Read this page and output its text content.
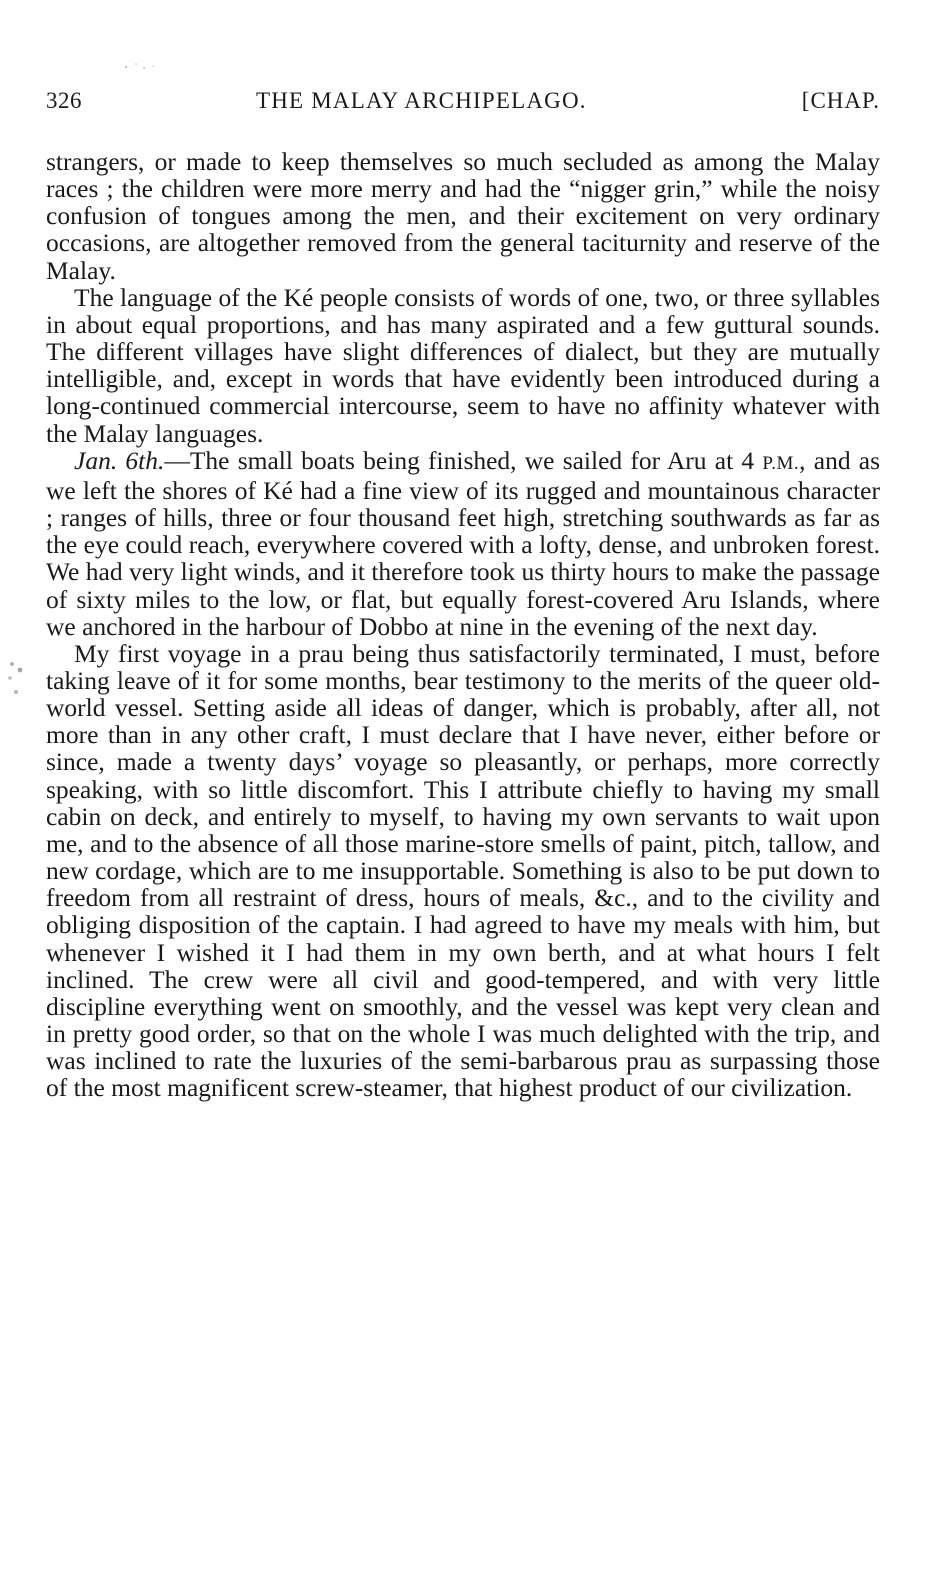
326	THE MALAY ARCHIPELAGO.	[CHAP.

strangers, or made to keep themselves so much secluded as among the Malay races ; the children were more merry and had the “nigger grin,” while the noisy confusion of tongues among the men, and their excitement on very ordinary occasions, are altogether removed from the general taciturnity and reserve of the Malay.

The language of the Ké people consists of words of one, two, or three syllables in about equal proportions, and has many aspirated and a few guttural sounds. The different villages have slight differences of dialect, but they are mutually intelligible, and, except in words that have evidently been introduced during a long-continued commercial intercourse, seem to have no affinity whatever with the Malay languages.

Jan. 6th.—The small boats being finished, we sailed for Aru at 4 P.M., and as we left the shores of Ké had a fine view of its rugged and mountainous character ; ranges of hills, three or four thousand feet high, stretching southwards as far as the eye could reach, everywhere covered with a lofty, dense, and unbroken forest. We had very light winds, and it therefore took us thirty hours to make the passage of sixty miles to the low, or flat, but equally forest-covered Aru Islands, where we anchored in the harbour of Dobbo at nine in the evening of the next day.

My first voyage in a prau being thus satisfactorily terminated, I must, before taking leave of it for some months, bear testimony to the merits of the queer old-world vessel. Setting aside all ideas of danger, which is probably, after all, not more than in any other craft, I must declare that I have never, either before or since, made a twenty days’ voyage so pleasantly, or perhaps, more correctly speaking, with so little discomfort. This I attribute chiefly to having my small cabin on deck, and entirely to myself, to having my own servants to wait upon me, and to the absence of all those marine-store smells of paint, pitch, tallow, and new cordage, which are to me insupportable. Something is also to be put down to freedom from all restraint of dress, hours of meals, &c., and to the civility and obliging disposition of the captain. I had agreed to have my meals with him, but whenever I wished it I had them in my own berth, and at what hours I felt inclined. The crew were all civil and good-tempered, and with very little discipline everything went on smoothly, and the vessel was kept very clean and in pretty good order, so that on the whole I was much delighted with the trip, and was inclined to rate the luxuries of the semi-barbarous prau as surpassing those of the most magnificent screw-steamer, that highest product of our civilization.
